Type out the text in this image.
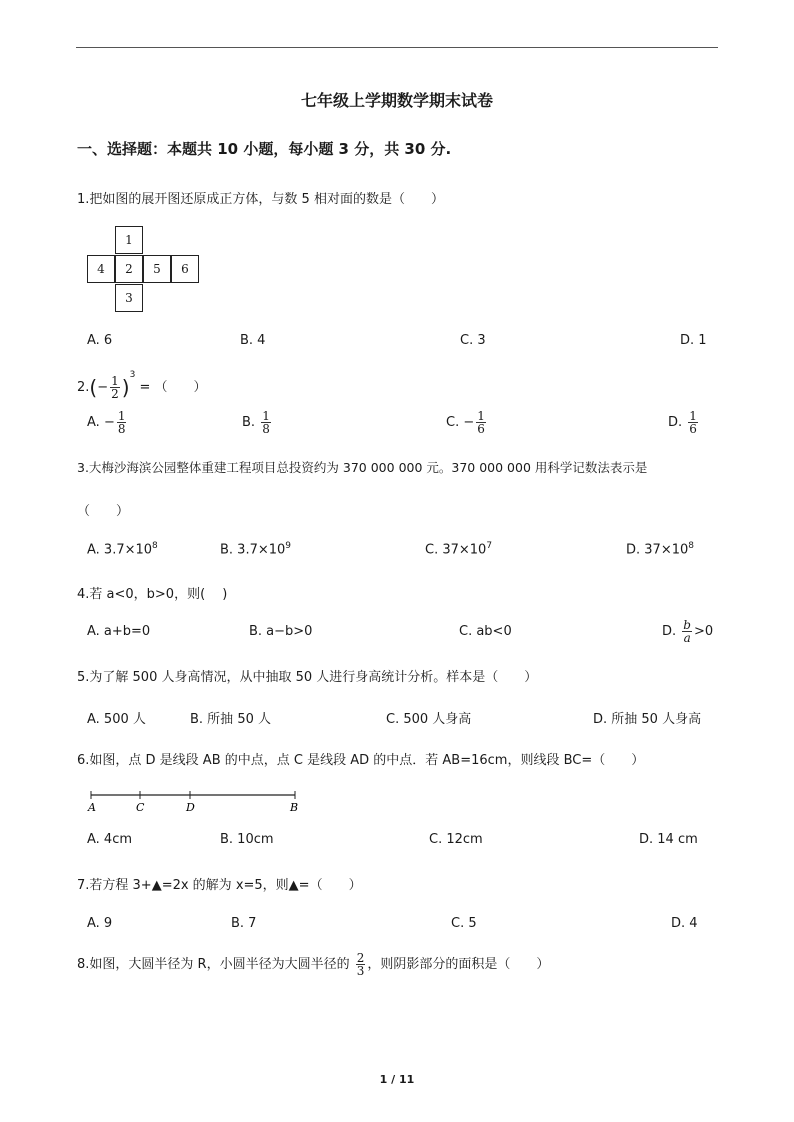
七年级上学期数学期末试卷
一、选择题：本题共 10 小题，每小题 3 分，共 30 分.
1.把如图的展开图还原成正方体，与数 5 相对面的数是（　　）
1
4	2	5	6
3
A. 6	B. 4	C. 3	D. 1
$2.(- \frac{1}{2} )^3$ = （　　）
A. − $\frac{1}{8}$	B. $\frac{1}{8}$	C. − $\frac{1}{6}$	D. $\frac{1}{6}$
3.大梅沙海滨公园整体重建工程项目总投资约为 370 000 000 元。370 000 000 用科学记数法表示是
（　　）
A. $3.7\times 10^8$	B. $3.7\times 10^9$	C. $37\times 10^7$	D. $37\times 10^8$
4.若 a<0，b>0，则(　 )
A. a+b=0	B. a−b>0	C. ab<0	D. $\frac{b}{a} >0$
5.为了解 500 人身高情况，从中抽取 50 人进行身高统计分析。样本是（　　）
A. 500 人	B. 所抽 50 人	C. 500 人身高	D. 所抽 50 人身高
6.如图，点 D 是线段 AB 的中点，点 C 是线段 AD 的中点．若 AB=16cm，则线段 BC=（　　）
A	C	D	B
A. 4cm	B. 10cm	C. 12cm	D. 14 cm
7.若方程 3+▲=2x 的解为 x=5，则▲=（　　）
A. 9	B. 7	C. 5	D. 4
8.如图，大圆半径为 R，小圆半径为大圆半径的 $\frac{2}{3}$ ，则阴影部分的面积是（　　）
1 / 11
